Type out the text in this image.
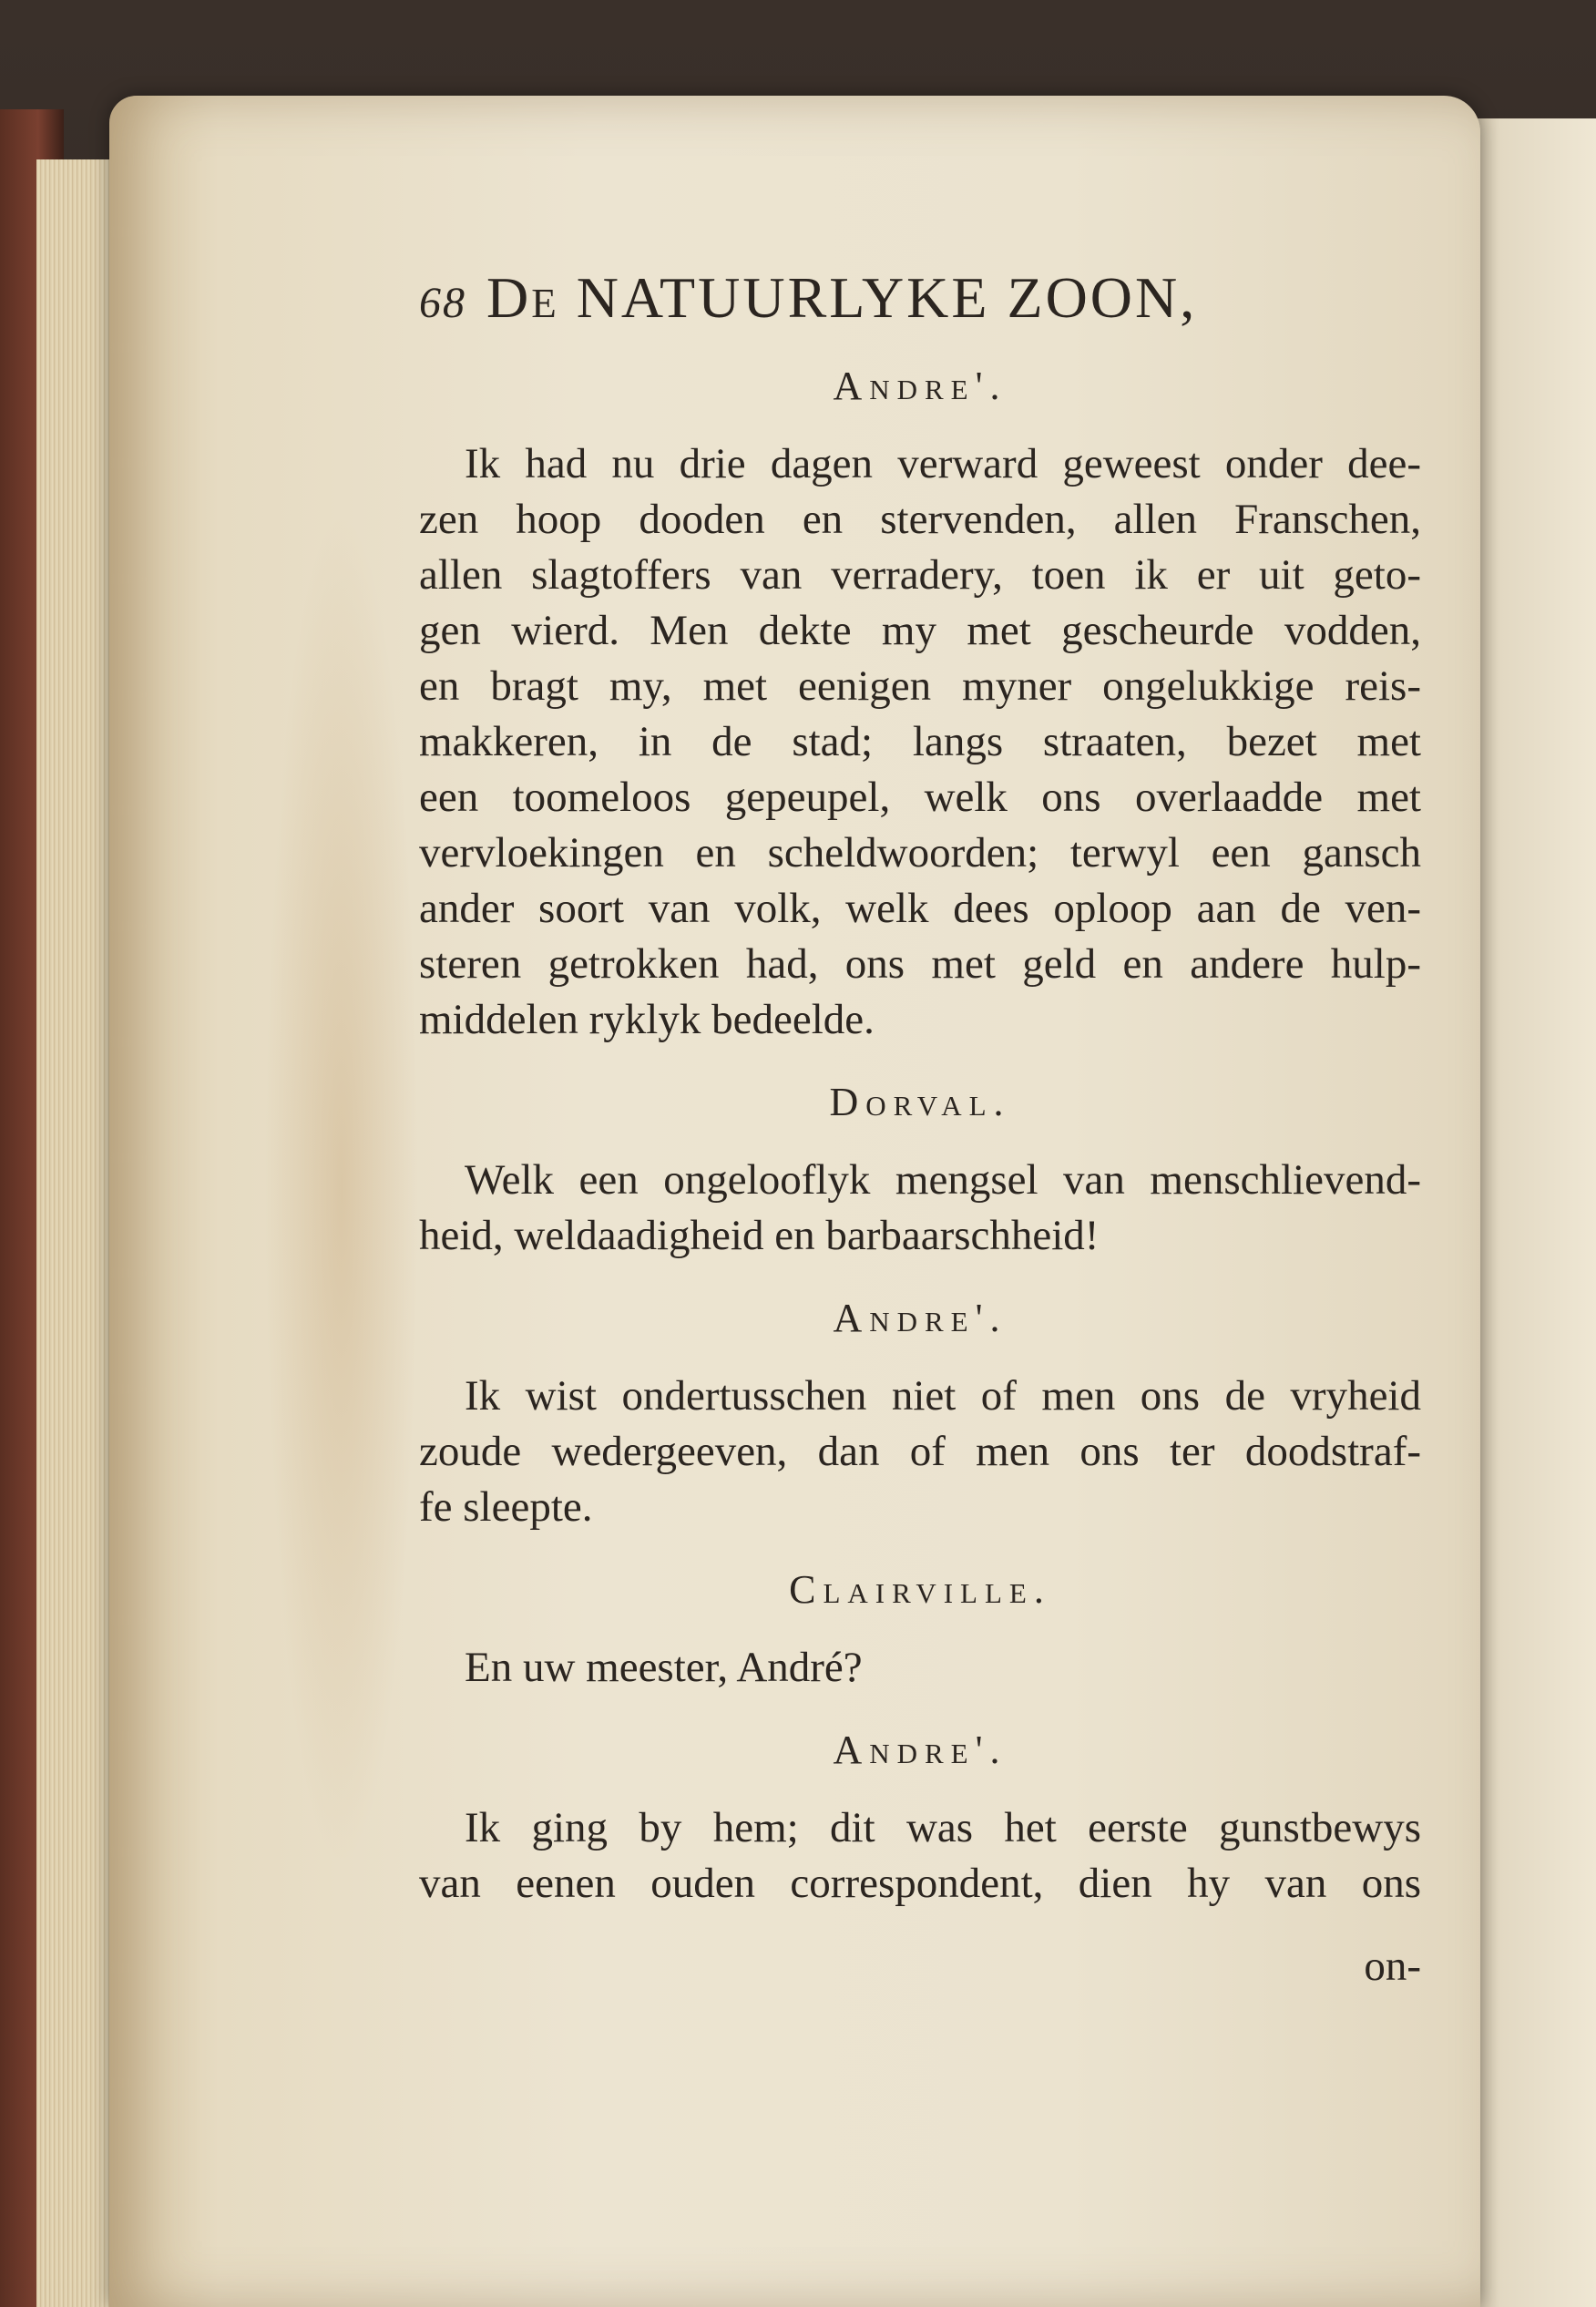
68 De NATUURLYKE ZOON,
Andre'.
Ik had nu drie dagen verward geweest onder dee-
zen hoop dooden en stervenden, allen Franschen,
allen slagtoffers van verradery, toen ik er uit geto-
gen wierd. Men dekte my met gescheurde vodden,
en bragt my, met eenigen myner ongelukkige reis-
makkeren, in de stad; langs straaten, bezet met
een toomeloos gepeupel, welk ons overlaadde met
vervloekingen en scheldwoorden; terwyl een gansch
ander soort van volk, welk dees oploop aan de ven-
steren getrokken had, ons met geld en andere hulp-
middelen ryklyk bedeelde.
Dorval.
Welk een ongelooflyk mengsel van menschlievend-
heid, weldaadigheid en barbaarschheid!
Andre'.
Ik wist ondertusschen niet of men ons de vryheid
zoude wedergeeven, dan of men ons ter doodstraf-
fe sleepte.
Clairville.
En uw meester, André?
Andre'.
Ik ging by hem; dit was het eerste gunstbewys
van eenen ouden correspondent, dien hy van ons
on-
